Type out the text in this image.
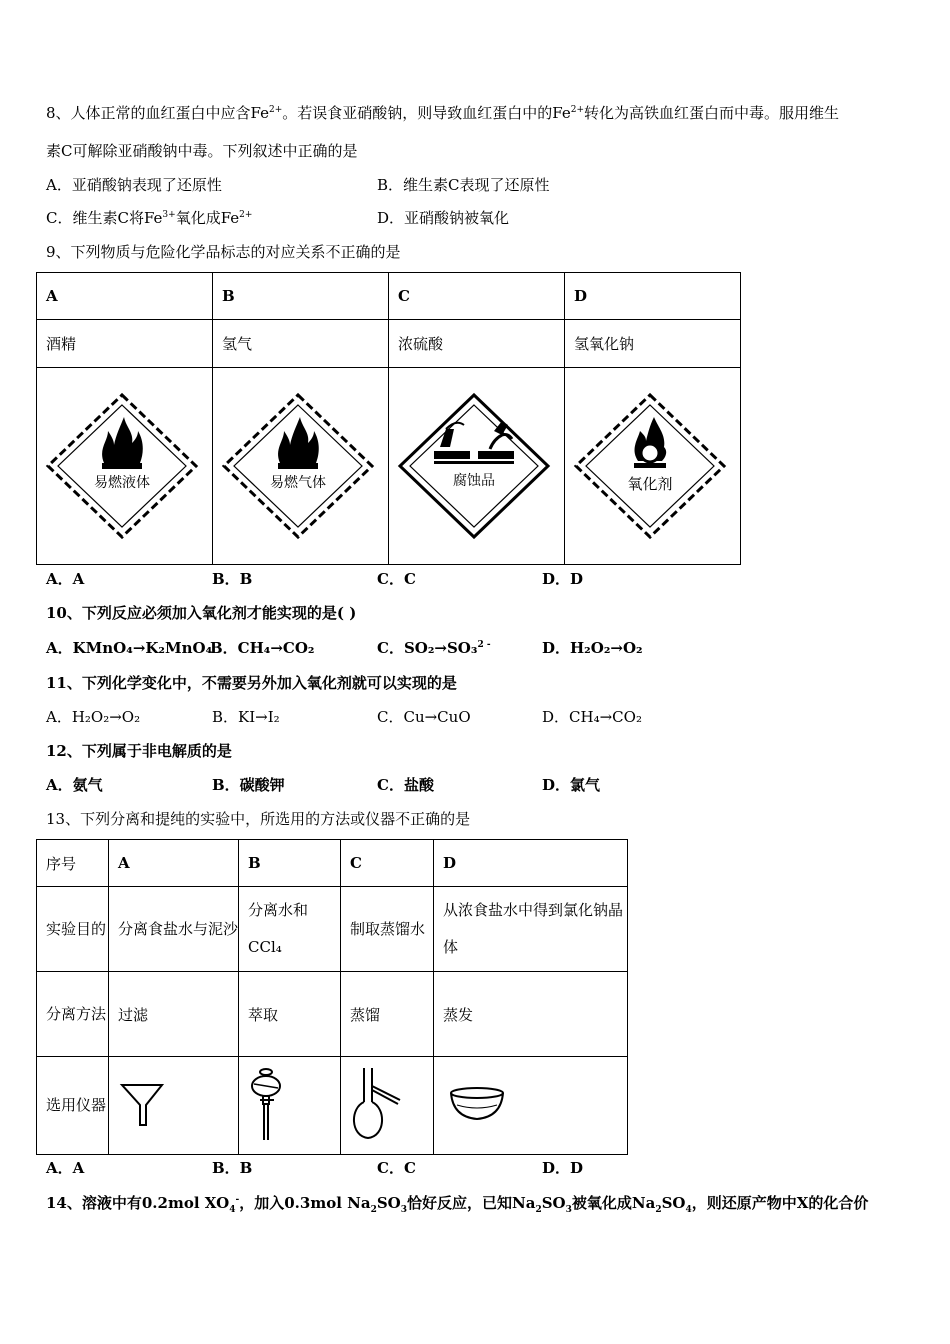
8、人体正常的血红蛋白中应含$Fe^{2+}$。若误食亚硝酸钠，则导致血红蛋白中的$Fe^{2+}$转化为高铁血红蛋白而中毒。服用维生
素C可解除亚硝酸钠中毒。下列叙述中正确的是
A．亚硝酸钠表现了还原性	B．维生素C表现了还原性
C．维生素C将$Fe^{3+}$氧化成$Fe^{2+}$	D．亚硝酸钠被氧化
9、下列物质与危险化学品标志的对应关系不正确的是
A	B	C	D
酒精	氢气	浓硫酸	氢氧化钠

易燃液体	易燃气体	腐蚀品	氧化剂
A．A	B．B	C．C	D．D
10、下列反应必须加入氧化剂才能实现的是( )
A．KMnO₄→K₂MnO₄
B．CH₄→CO₂	C．SO₂→SO₃$^{2 -}$	D．H₂O₂→O₂
11、下列化学变化中，不需要另外加入氧化剂就可以实现的是
A．H₂O₂→O₂	B．KI→I₂	C．Cu→CuO	D．CH₄→CO₂
12、下列属于非电解质的是
A．氨气	B．碳酸钾	C．盐酸	D．氯气
13、下列分离和提纯的实验中，所选用的方法或仪器不正确的是
序号	A	B	C	D
实验目的	分离食盐水与泥沙	分离水和CCl₄	制取蒸馏水	从浓食盐水中得到氯化钠晶体
分离方法	过滤	萃取	蒸馏	蒸发
选用仪器				
A．A	B．B	C．C	D．D
14、溶液中有0.2mol $XO_4^-$，加入0.3mol $Na_2SO_3$恰好反应，已知$Na_2SO_3$被氧化成$Na_2SO_4$，则还原产物中X的化合价
